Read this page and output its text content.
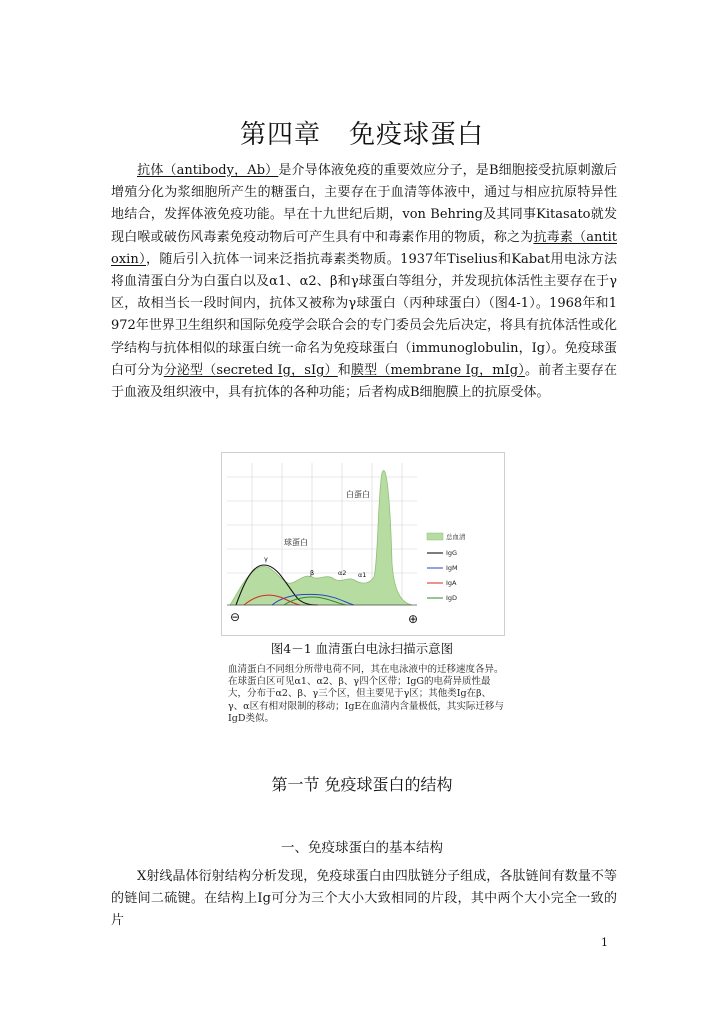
第四章 免疫球蛋白

抗体（antibody，Ab）是介导体液免疫的重要效应分子，是B细胞接受抗原刺激后增殖分化为浆细胞所产生的糖蛋白，主要存在于血清等体液中，通过与相应抗原特异性地结合，发挥体液免疫功能。早在十九世纪后期，von Behring及其同事Kitasato就发现白喉或破伤风毒素免疫动物后可产生具有中和毒素作用的物质，称之为抗毒素（antitoxin），随后引入抗体一词来泛指抗毒素类物质。1937年Tiselius和Kabat用电泳方法将血清蛋白分为白蛋白以及α1、α2、β和γ球蛋白等组分，并发现抗体活性主要存在于γ区，故相当长一段时间内，抗体又被称为γ球蛋白（丙种球蛋白）（图4-1）。1968年和1972年世界卫生组织和国际免疫学会联合会的专门委员会先后决定，将具有抗体活性或化学结构与抗体相似的球蛋白统一命名为免疫球蛋白（immunoglobulin，Ig）。免疫球蛋白可分为分泌型（secreted Ig，sIg）和膜型（membrane Ig，mIg）。前者主要存在于血液及组织液中，具有抗体的各种功能；后者构成B细胞膜上的抗原受体。

白蛋白
球蛋白
γ
β	α2 α1
⊖	⊕
总血清
IgG
IgM
IgA
IgD
图4－1 血清蛋白电泳扫描示意图
血清蛋白不同组分所带电荷不同，其在电泳液中的迁移速度各异。在球蛋白区可见α1、α2、β、γ四个区带；IgG的电荷异质性最大，分布于α2、β、γ三个区，但主要见于γ区；其他类Ig在β、γ、α区有相对限制的移动；IgE在血清内含量极低，其实际迁移与IgD类似。
第一节 免疫球蛋白的结构
一、免疫球蛋白的基本结构

X射线晶体衍射结构分析发现，免疫球蛋白由四肽链分子组成，各肽链间有数量不等的链间二硫键。在结构上Ig可分为三个大小大致相同的片段，其中两个大小完全一致的片

1
